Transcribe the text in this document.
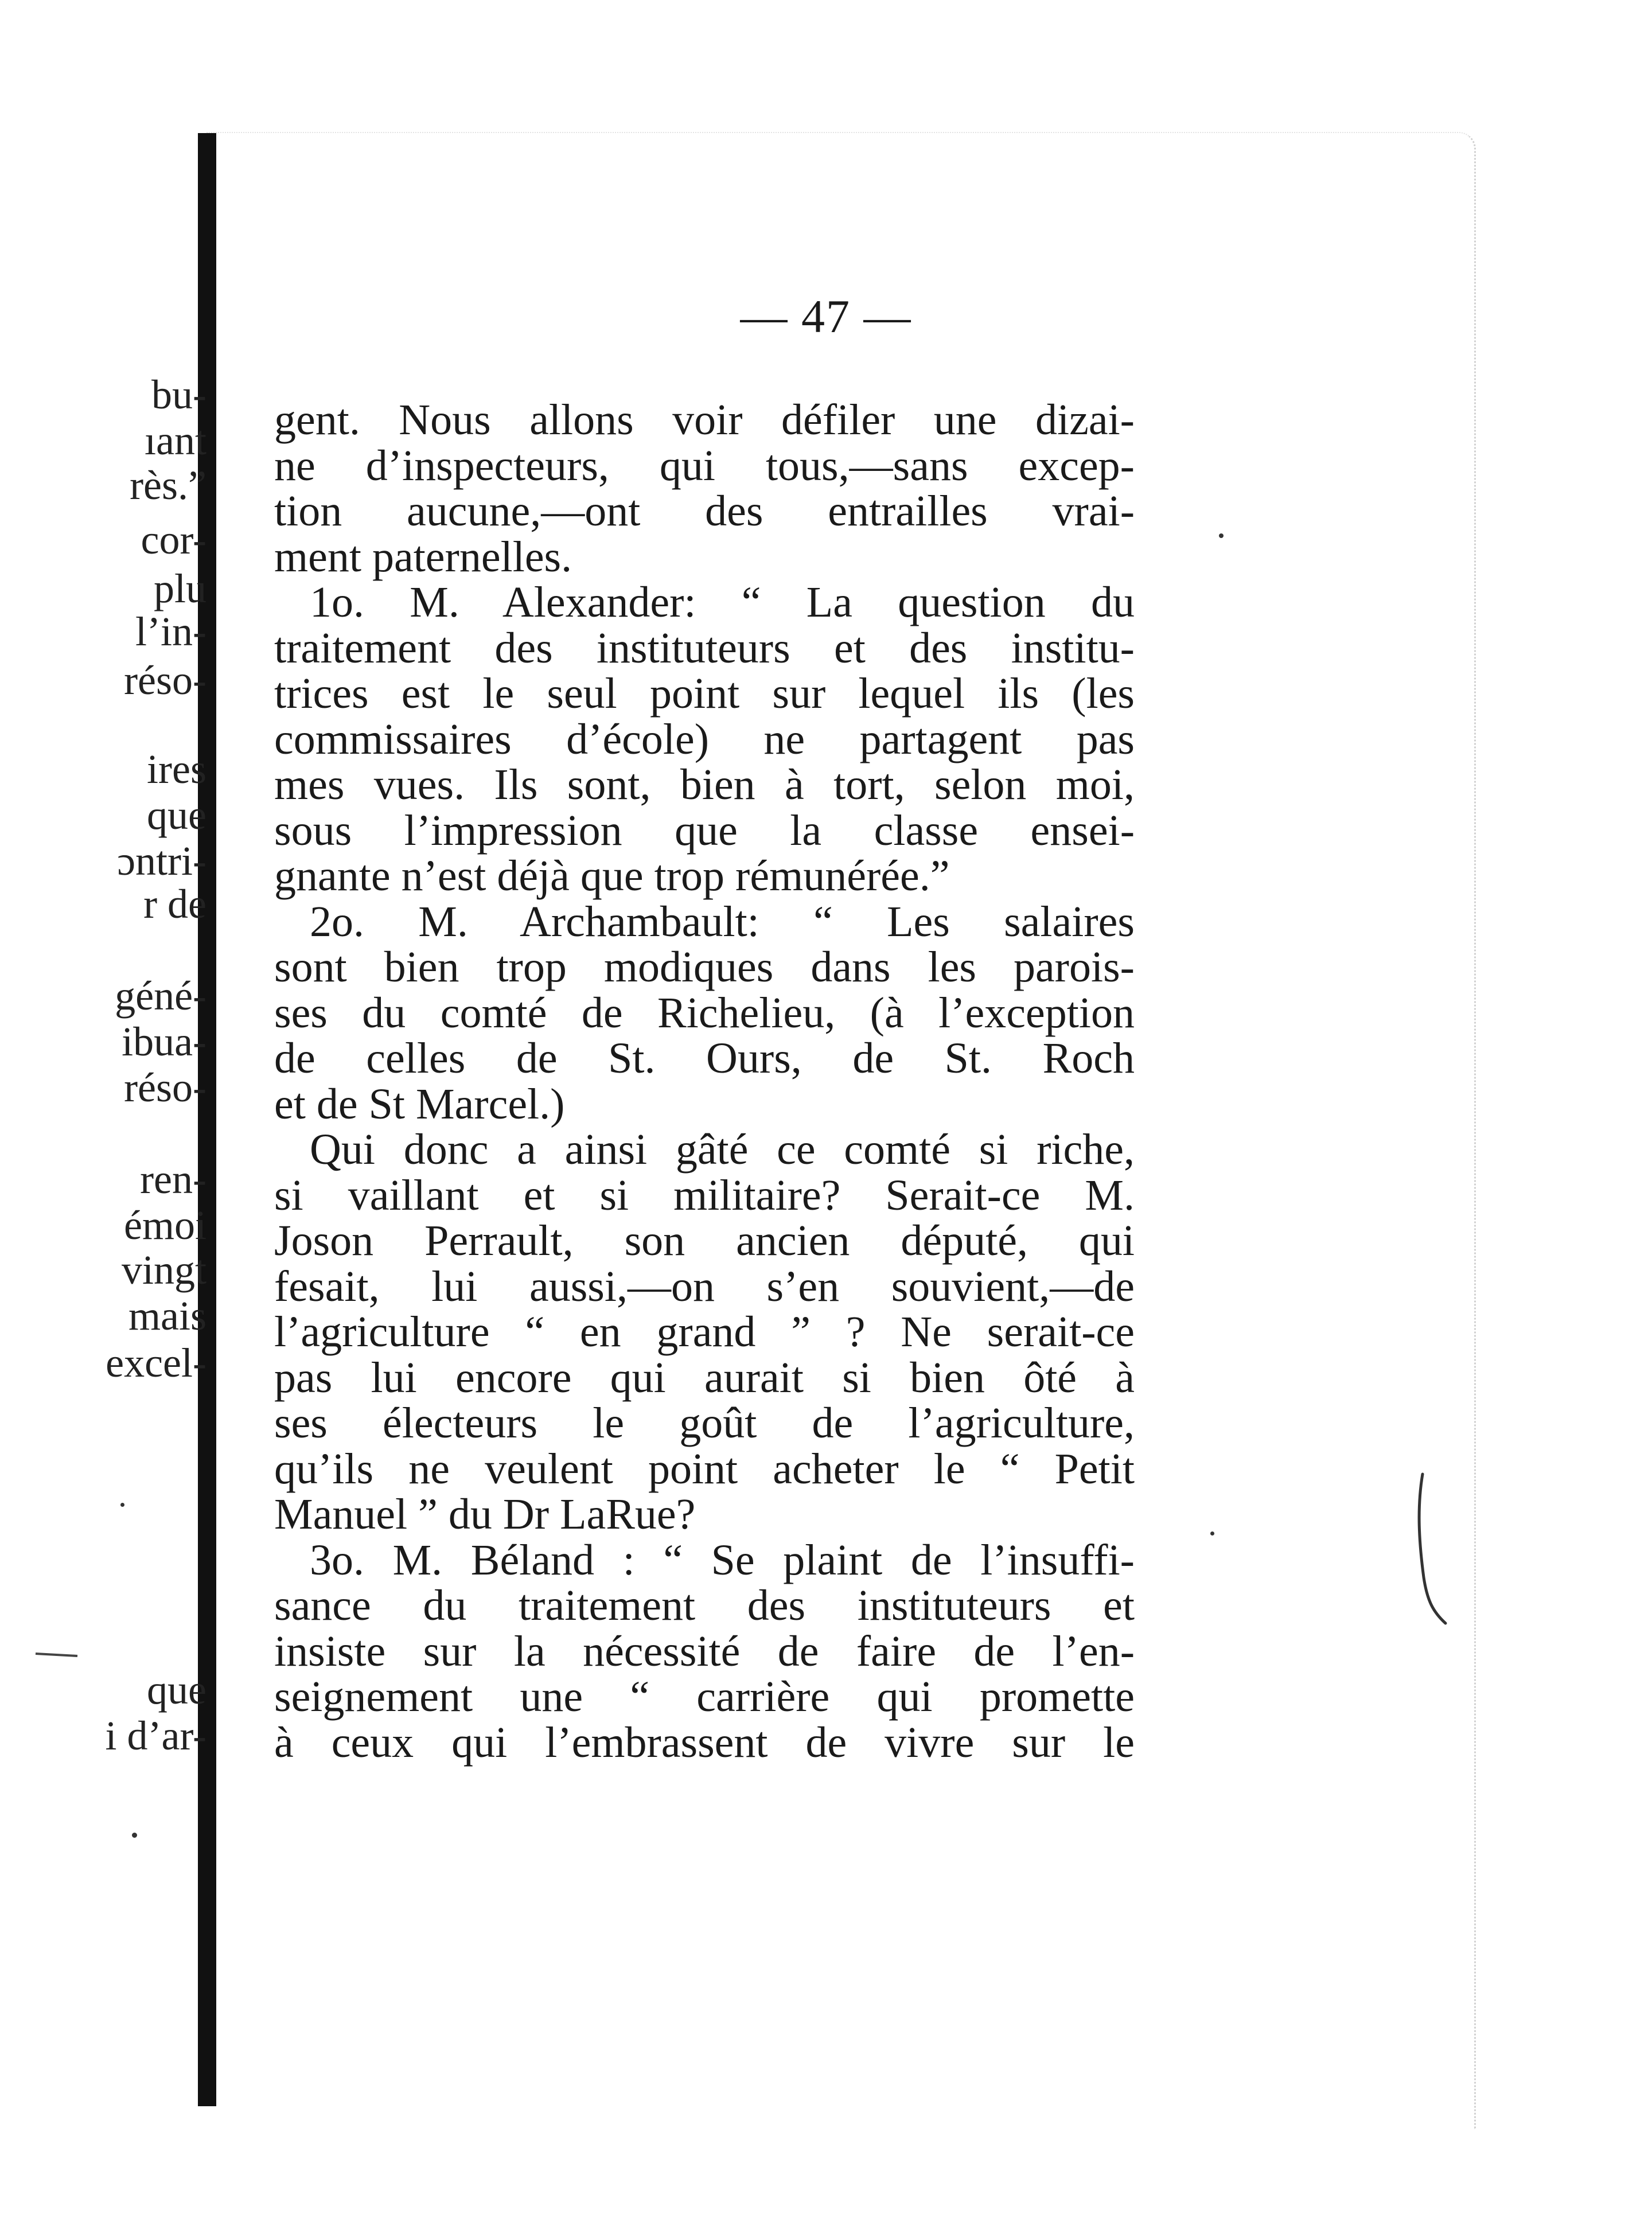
bu-
ıant
rès.”
cor-
plu
l’in-
réso-
ires
que
ɔntri-
r de
géné-
ibua-
réso-
ren-
émoi
vingt
mais
excel-
que
i d’ar-
— 47 —
gent. Nous allons voir défiler une dizai-
ne d’inspecteurs, qui tous,—sans excep-
tion aucune,—ont des entrailles vrai-
ment paternelles.
1o. M. Alexander: “ La question du
traitement des instituteurs et des institu-
trices est le seul point sur lequel ils (les
commissaires d’école) ne partagent pas
mes vues. Ils sont, bien à tort, selon moi,
sous l’impression que la classe ensei-
gnante n’est déjà que trop rémunérée.”
2o. M. Archambault: “ Les salaires
sont bien trop modiques dans les parois-
ses du comté de Richelieu, (à l’exception
de celles de St. Ours, de St. Roch
et de St Marcel.)
Qui donc a ainsi gâté ce comté si riche,
si vaillant et si militaire? Serait-ce M.
Joson Perrault, son ancien député, qui
fesait, lui aussi,—on s’en souvient,—de
l’agriculture “ en grand ” ? Ne serait-ce
pas lui encore qui aurait si bien ôté à
ses électeurs le goût de l’agriculture,
qu’ils ne veulent point acheter le “ Petit
Manuel ” du Dr LaRue?
3o. M. Béland : “ Se plaint de l’insuffi-
sance du traitement des instituteurs et
insiste sur la nécessité de faire de l’en-
seignement une “ carrière qui promette
à ceux qui l’embrassent de vivre sur le
